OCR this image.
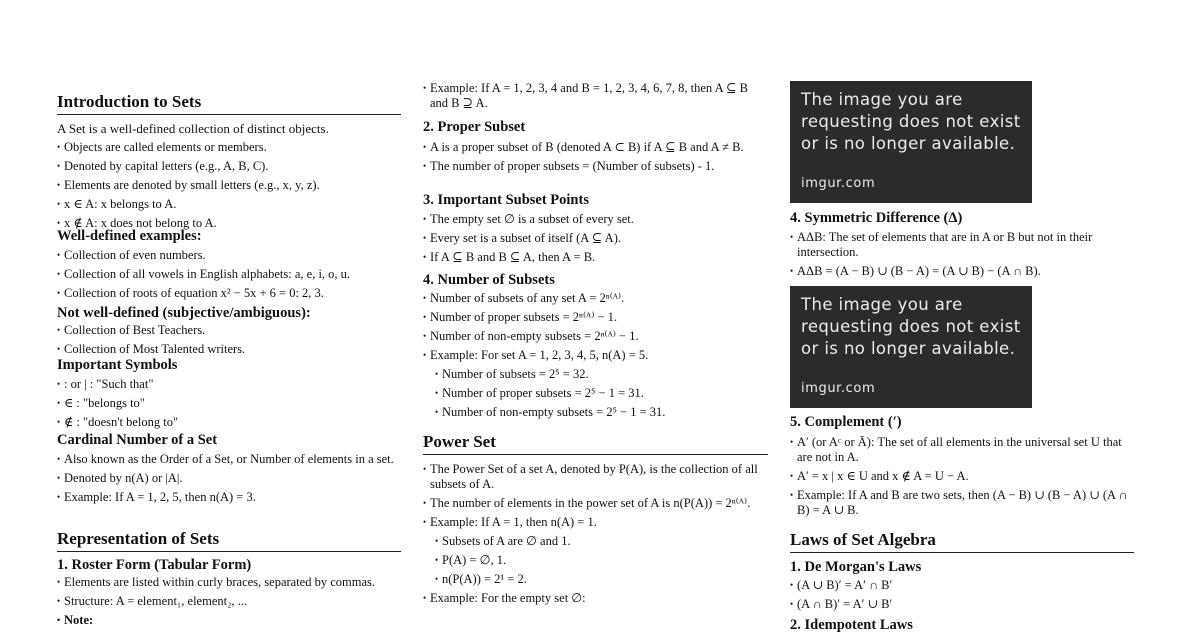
Introduction to Sets
A Set is a well-defined collection of distinct objects.
• Objects are called elements or members.
• Denoted by capital letters (e.g., A, B, C).
• Elements are denoted by small letters (e.g., x, y, z).
• x ∈ A: x belongs to A.
• x ∉ A: x does not belong to A.
Well-defined examples:
• Collection of even numbers.
• Collection of all vowels in English alphabets: a, e, i, o, u.
• Collection of roots of equation x² − 5x + 6 = 0: 2, 3.
Not well-defined (subjective/ambiguous):
• Collection of Best Teachers.
• Collection of Most Talented writers.
Important Symbols
• : or | : "Such that"
• ∈ : "belongs to"
• ∉ : "doesn't belong to"
Cardinal Number of a Set
• Also known as the Order of a Set, or Number of elements in a set.
• Denoted by n(A) or |A|.
• Example: If A = 1, 2, 5, then n(A) = 3.
Representation of Sets
1. Roster Form (Tabular Form)
• Elements are listed within curly braces, separated by commas.
• Structure: A = element₁, element₂, ...
• Note:
• Example: If A = 1, 2, 3, 4 and B = 1, 2, 3, 4, 6, 7, 8, then A ⊆ B and B ⊇ A.
2. Proper Subset
• A is a proper subset of B (denoted A ⊂ B) if A ⊆ B and A ≠ B.
• The number of proper subsets = (Number of subsets) - 1.
3. Important Subset Points
• The empty set ∅ is a subset of every set.
• Every set is a subset of itself (A ⊆ A).
• If A ⊆ B and B ⊆ A, then A = B.
4. Number of Subsets
• Number of subsets of any set A = 2ⁿ⁽ᴬ⁾.
• Number of proper subsets = 2ⁿ⁽ᴬ⁾ − 1.
• Number of non-empty subsets = 2ⁿ⁽ᴬ⁾ − 1.
• Example: For set A = 1, 2, 3, 4, 5, n(A) = 5.
• Number of subsets = 2⁵ = 32.
• Number of proper subsets = 2⁵ − 1 = 31.
• Number of non-empty subsets = 2⁵ − 1 = 31.
Power Set
• The Power Set of a set A, denoted by P(A), is the collection of all subsets of A.
• The number of elements in the power set of A is n(P(A)) = 2ⁿ⁽ᴬ⁾.
• Example: If A = 1, then n(A) = 1.
• Subsets of A are ∅ and 1.
• P(A) = ∅, 1.
• n(P(A)) = 2¹ = 2.
• Example: For the empty set ∅:
The image you are
requesting does not exist
or is no longer available.
imgur.com
4. Symmetric Difference (Δ)
• AΔB: The set of elements that are in A or B but not in their intersection.
• AΔB = (A − B) ∪ (B − A) = (A ∪ B) − (A ∩ B).
The image you are
requesting does not exist
or is no longer available.
imgur.com
5. Complement (′)
• A′ (or Aᶜ or Ā): The set of all elements in the universal set U that are not in A.
• A′ = x | x ∈ U and x ∉ A = U − A.
• Example: If A and B are two sets, then (A − B) ∪ (B − A) ∪ (A ∩ B) = A ∪ B.
Laws of Set Algebra
1. De Morgan's Laws
• (A ∪ B)′ = A′ ∩ B′
• (A ∩ B)′ = A′ ∪ B′
2. Idempotent Laws
